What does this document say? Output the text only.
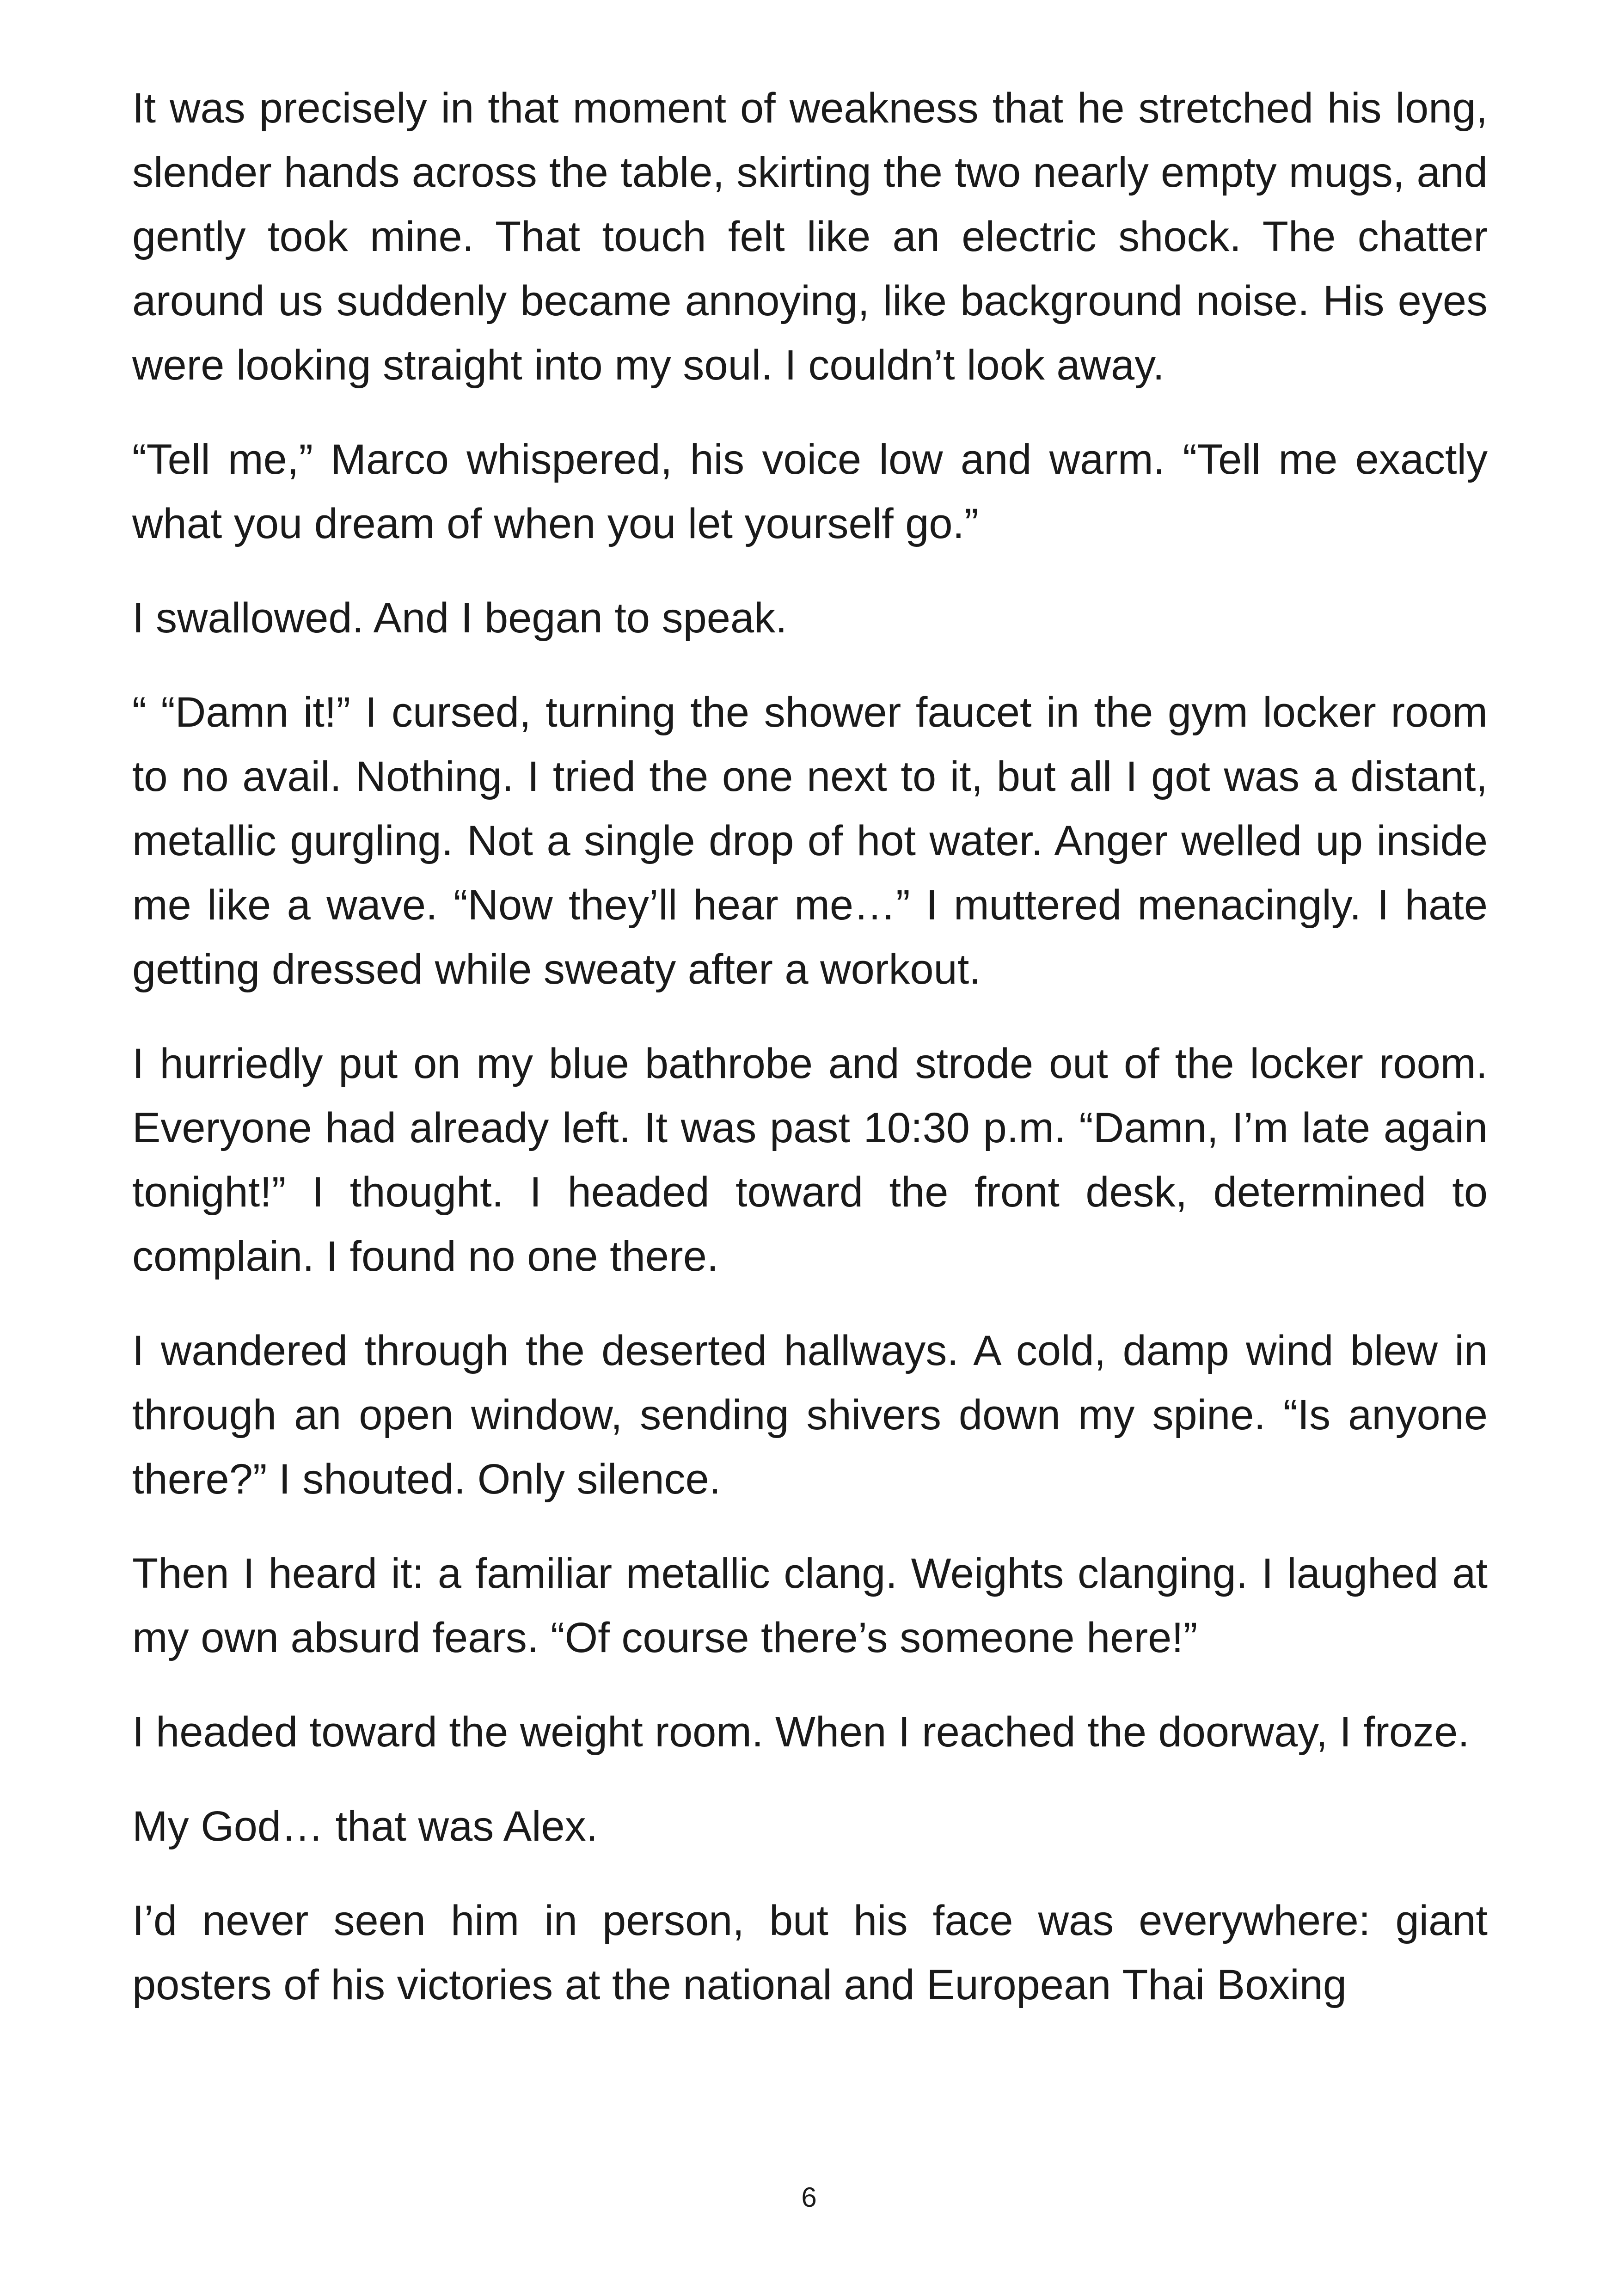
It was precisely in that moment of weakness that he stretched his long, slender hands across the table, skirting the two nearly empty mugs, and gently took mine. That touch felt like an electric shock. The chatter around us suddenly became annoying, like background noise. His eyes were looking straight into my soul. I couldn’t look away.

“Tell me,” Marco whispered, his voice low and warm. “Tell me exactly what you dream of when you let yourself go.”

I swallowed. And I began to speak.

“ “Damn it!” I cursed, turning the shower faucet in the gym locker room to no avail. Nothing. I tried the one next to it, but all I got was a distant, metallic gurgling. Not a single drop of hot water. Anger welled up inside me like a wave. “Now they’ll hear me…” I muttered menacingly. I hate getting dressed while sweaty after a workout.

I hurriedly put on my blue bathrobe and strode out of the locker room. Everyone had already left. It was past 10:30 p.m. “Damn, I’m late again tonight!” I thought. I headed toward the front desk, determined to complain. I found no one there.

I wandered through the deserted hallways. A cold, damp wind blew in through an open window, sending shivers down my spine. “Is anyone there?” I shouted. Only silence.

Then I heard it: a familiar metallic clang. Weights clanging. I laughed at my own absurd fears. “Of course there’s someone here!”

I headed toward the weight room. When I reached the doorway, I froze.

My God… that was Alex.

I’d never seen him in person, but his face was everywhere: giant posters of his victories at the national and European Thai Boxing

6
